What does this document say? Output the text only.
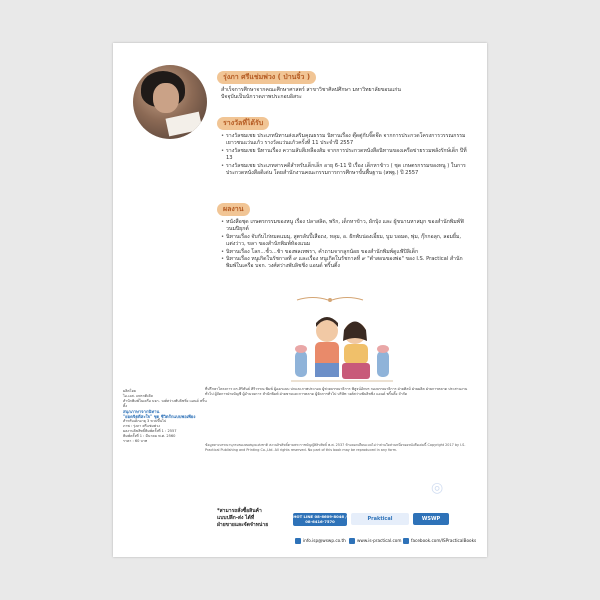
รุ่งภา ศรีแช่มพ่วง ( ป่านจิ๋ว )
สำเร็จการศึกษาจากคณะศึกษาศาสตร์ สาขาวิชาศิลปศึกษา มหาวิทยาลัยขอนแก่น
ปัจจุบันเป็นนักวาดภาพประกอบอิสระ
รางวัลที่ได้รับ
• รางวัลชมเชย ประเภทนิทานส่งเสริมคุณธรรม นิทานเรื่อง ตุ๊ดตู่กับจี๊ดจ๊ด จากการประกวดโครงการวรรณกรรมเยาวชนแว่นแก้ว รางวัลแว่นแก้วครั้งที่ 11 ประจำปี 2557
• รางวัลชมเชย นิทานเรื่อง ความลับสีเหลืองส้ม จากการประกวดหนังสือนิทานของเครือข่ายรวมพลังรักษ์เด็ก ปีที่ 13
• รางวัลชมเชย ประเภทสารคดีสำหรับเด็กเล็ก อายุ 6-11 ปี เรื่อง เด็กหาข้าว ( ชุด เกษตรกรรมของหนู ) ในการประกวดหนังสือดีเด่น โดยสำนักงานคณะกรรมการการศึกษาขั้นพื้นฐาน (สพฐ.) ปี 2557
ผลงาน
• หนังสือชุด เกษตรกรรมของหนู เรื่อง ปลาสลิด, พริก, เด็กหาข้าว, ผักบุ้ง และ ผู้ขนานหาสมุก ของสำนักพิมพ์ฟิวนมปิยุกต์
• นิทานเรื่อง จับกับไก่หมดแมมุ, สูตรลับปี้เสือถง, หลุม, อ. ฝักพับน่องเอี้ยม, บูม บอมด, พุ่ม, กุ๊กกอลุก, ลอมยิ้ม, แต่งว่าว, ขลา ของสำนักพิมพ์ห้องแนม
• นิทานเรื่อง โลก...ชั้ว...ช้า ของพลเทพรา, คำถามจากลูกน้อย ของสำนักพิมพ์ดูแฟ้ปิลิเด็ก
• นิทานเรื่อง หนูเกิดในรัชกาลที่ ๙ และเรื่อง หนูเกิดในรัชกาลที่ ๙ "ตำสอนของพ่อ" ของ I.S. Practical สำนักพิมพ์ในเครือ บจก. วงศ์สว่างพับลิชชิ่ง แอนด์ พริ้นติ้ง
ที่ปรึกษาโครงการ ดร.สิริพันธ์ ศิริวรรณ พิมพ์ ผู้ออกแบบ ปกและภาพประกอบ ผู้ช่วยบรรณาธิการ พิสูจน์อักษร กองบรรณาธิการ ฝ่ายศิลป์ ฝ่ายผลิต ฝ่ายการตลาด ประสานงานทั่วไป ผู้จัดการฝ่ายบัญชี ผู้อำนวยการ สำนักพิมพ์ ฝ่ายขายและการตลาด ผู้จัดการทั่วไป บริษัท วงศ์สว่างพับลิชชิ่ง แอนด์ พริ้นติ้ง จำกัด
ผลิตโดย
ไอ.เอส. แพรกติเคิล
สำนักพิมพ์ในเครือ บจก. วงศ์สว่างพับลิชชิ่ง แอนด์ พริ้นติ้ง
สนุกภาษาจากนิทาน
"ยอดจิตดีสะใจ" ชุด ชีวิตรักแบบพอเพียง
สำหรับเด็กอายุ 3 ขวบขึ้นไป
ภาพ : รุ่งภา ศรีแช่มพ่วง
ผลงานลิขสิทธิ์พิมพ์ครั้งที่ 1 : 2557
พิมพ์ครั้งที่ 1 : มีนาคม พ.ศ. 2560
ราคา : 60 บาท
ข้อมูลทางบรรณานุกรมของหอสมุดแห่งชาติ สงวนลิขสิทธิ์ตามพระราชบัญญัติลิขสิทธิ์ พ.ศ. 2537 ห้ามลอกเลียนแบบไม่ว่าส่วนใดส่วนหนึ่งของหนังสือเล่มนี้ Copyright 2017 by I.S. Practical Publishing and Printing Co.,Ltd. All rights reserved. No part of this book may be reproduced in any form.
◎
*สามารถสั่งซื้อสินค้า
แบบปลีก-ส่ง ได้ที่
ฝ่ายขายและจัดจำหน่าย
HOT LINE 08-6609-8046 / 08-6416-7570	Praktical	WSWP
info.isp@wswp.co.th	www.is-practical.com	facebook.com/ISPracticalBooks
